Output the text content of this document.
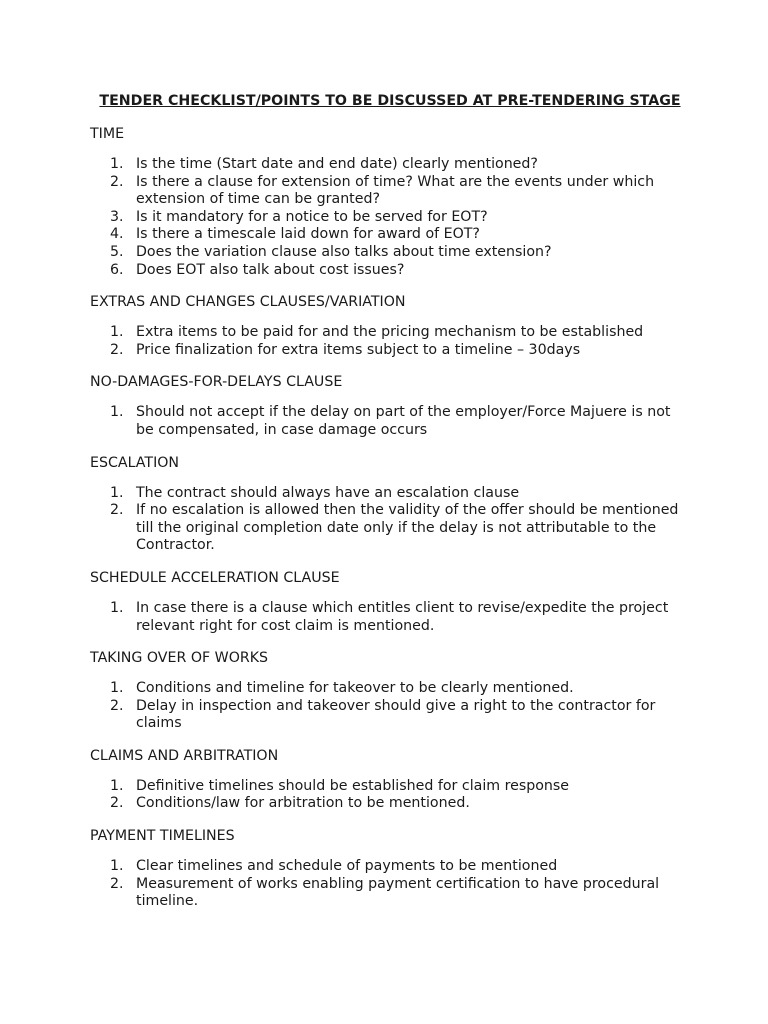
TENDER CHECKLIST/POINTS TO BE DISCUSSED AT PRE-TENDERING STAGE

TIME

1. Is the time (Start date and end date) clearly mentioned?
2. Is there a clause for extension of time? What are the events under which extension of time can be granted?
3. Is it mandatory for a notice to be served for EOT?
4. Is there a timescale laid down for award of EOT?
5. Does the variation clause also talks about time extension?
6. Does EOT also talk about cost issues?

EXTRAS AND CHANGES CLAUSES/VARIATION

1. Extra items to be paid for and the pricing mechanism to be established
2. Price finalization for extra items subject to a timeline – 30days

NO-DAMAGES-FOR-DELAYS CLAUSE

1. Should not accept if the delay on part of the employer/Force Majuere is not be compensated, in case damage occurs

ESCALATION

1. The contract should always have an escalation clause
2. If no escalation is allowed then the validity of the offer should be mentioned till the original completion date only if the delay is not attributable to the Contractor.

SCHEDULE ACCELERATION CLAUSE

1. In case there is a clause which entitles client to revise/expedite the project relevant right for cost claim is mentioned.

TAKING OVER OF WORKS

1. Conditions and timeline for takeover to be clearly mentioned.
2. Delay in inspection and takeover should give a right to the contractor for claims

CLAIMS AND ARBITRATION

1. Definitive timelines should be established for claim response
2. Conditions/law for arbitration to be mentioned.

PAYMENT TIMELINES

1. Clear timelines and schedule of payments to be mentioned
2. Measurement of works enabling payment certification to have procedural timeline.
